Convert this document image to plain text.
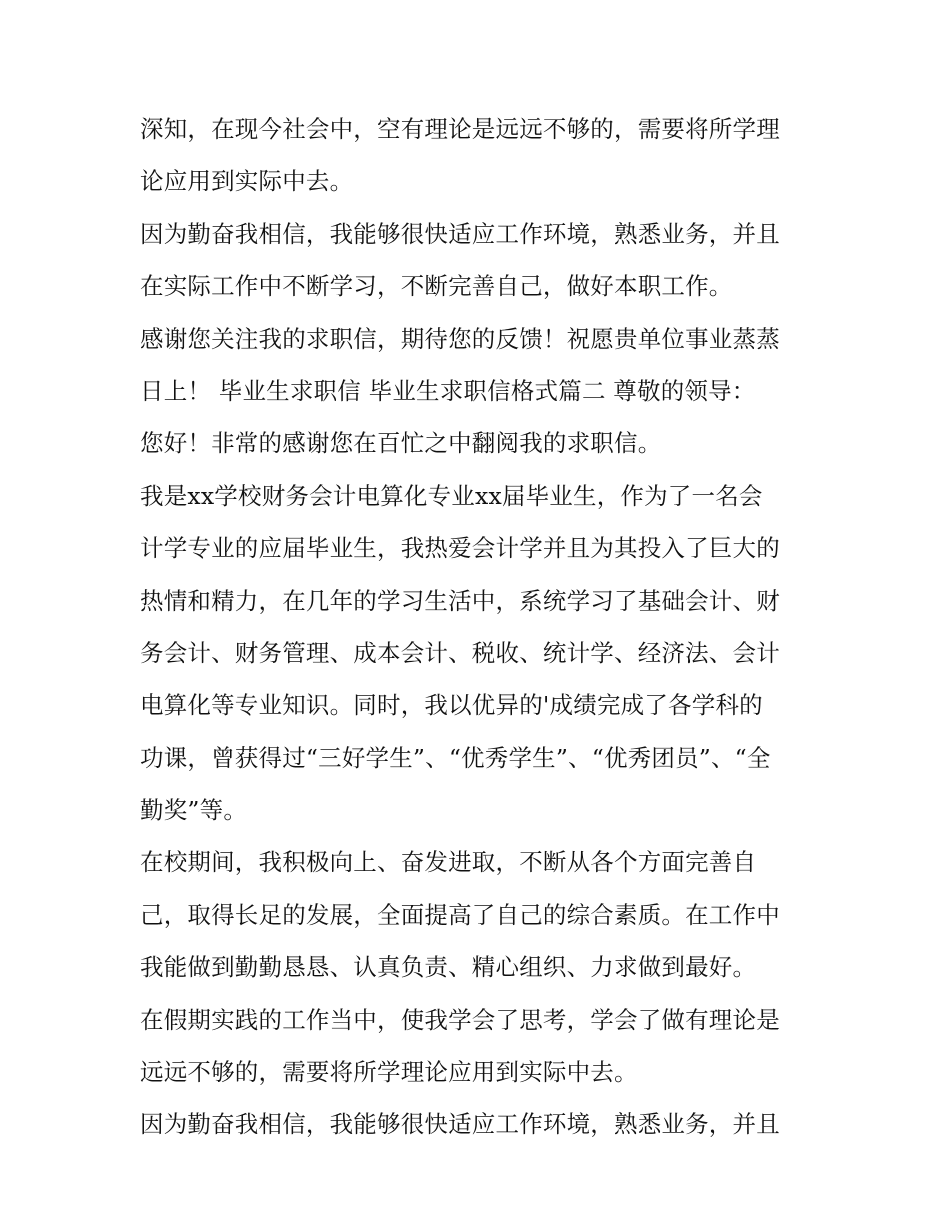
深知，在现今社会中，空有理论是远远不够的，需要将所学理
论应用到实际中去。
因为勤奋我相信，我能够很快适应工作环境，熟悉业务，并且
在实际工作中不断学习，不断完善自己，做好本职工作。
感谢您关注我的求职信，期待您的反馈！祝愿贵单位事业蒸蒸
日上！ 毕业生求职信 毕业生求职信格式篇二 尊敬的领导：
您好！非常的感谢您在百忙之中翻阅我的求职信。
我是xx学校财务会计电算化专业xx届毕业生，作为了一名会
计学专业的应届毕业生，我热爱会计学并且为其投入了巨大的
热情和精力，在几年的学习生活中，系统学习了基础会计、财
务会计、财务管理、成本会计、税收、统计学、经济法、会计
电算化等专业知识。同时，我以优异的'成绩完成了各学科的
功课，曾获得过“三好学生”、“优秀学生”、“优秀团员”、“全
勤奖”等。
在校期间，我积极向上、奋发进取，不断从各个方面完善自
己，取得长足的发展，全面提高了自己的综合素质。在工作中
我能做到勤勤恳恳、认真负责、精心组织、力求做到最好。
在假期实践的工作当中，使我学会了思考，学会了做有理论是
远远不够的，需要将所学理论应用到实际中去。
因为勤奋我相信，我能够很快适应工作环境，熟悉业务，并且
